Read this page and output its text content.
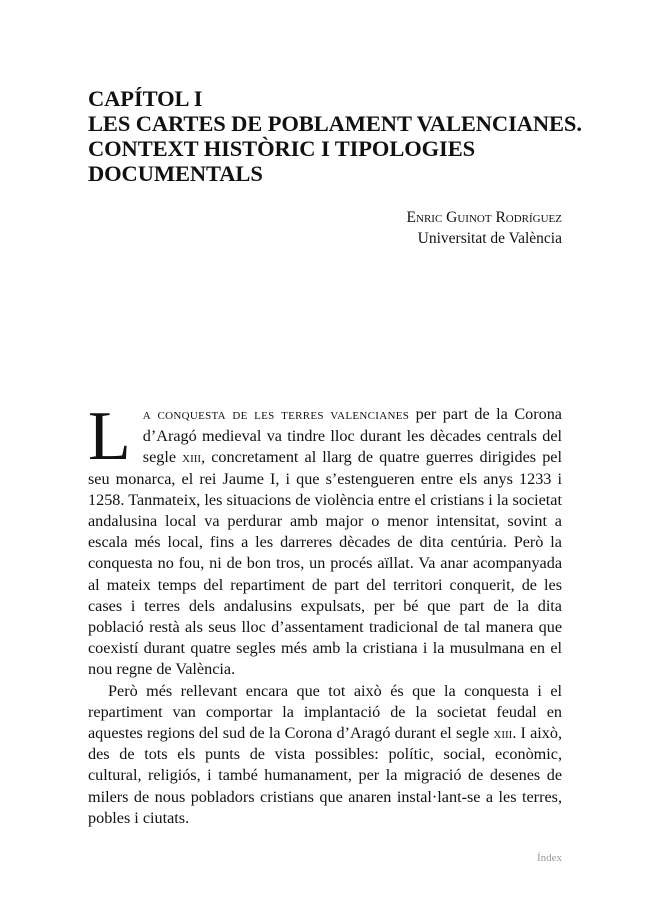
CAPÍTOL I
LES CARTES DE POBLAMENT VALENCIANES.
CONTEXT HISTÒRIC I TIPOLOGIES
DOCUMENTALS
Enric Guinot Rodríguez
Universitat de València

La conquesta de les terres valencianes per part de la Corona d’Aragó medieval va tindre lloc durant les dècades centrals del segle xiii, concretament al llarg de quatre guerres dirigides pel seu monarca, el rei Jaume I, i que s’estengueren entre els anys 1233 i 1258. Tanmateix, les situacions de violència entre el cristians i la societat andalusina local va perdurar amb major o menor intensitat, sovint a escala més local, fins a les darreres dècades de dita centúria. Però la conquesta no fou, ni de bon tros, un procés aïllat. Va anar acompanyada al mateix temps del repartiment de part del territori conquerit, de les cases i terres dels andalusins expulsats, per bé que part de la dita població restà als seus lloc d’assentament tradicional de tal manera que coexistí durant quatre segles més amb la cristiana i la musulmana en el nou regne de València.

Però més rellevant encara que tot això és que la conquesta i el repartiment van comportar la implantació de la societat feudal en aquestes regions del sud de la Corona d’Aragó durant el segle xiii. I això, des de tots els punts de vista possibles: polític, social, econòmic, cultural, religiós, i també humanament, per la migració de desenes de milers de nous pobladors cristians que anaren instal·lant-se a les terres, pobles i ciutats.

Índex
